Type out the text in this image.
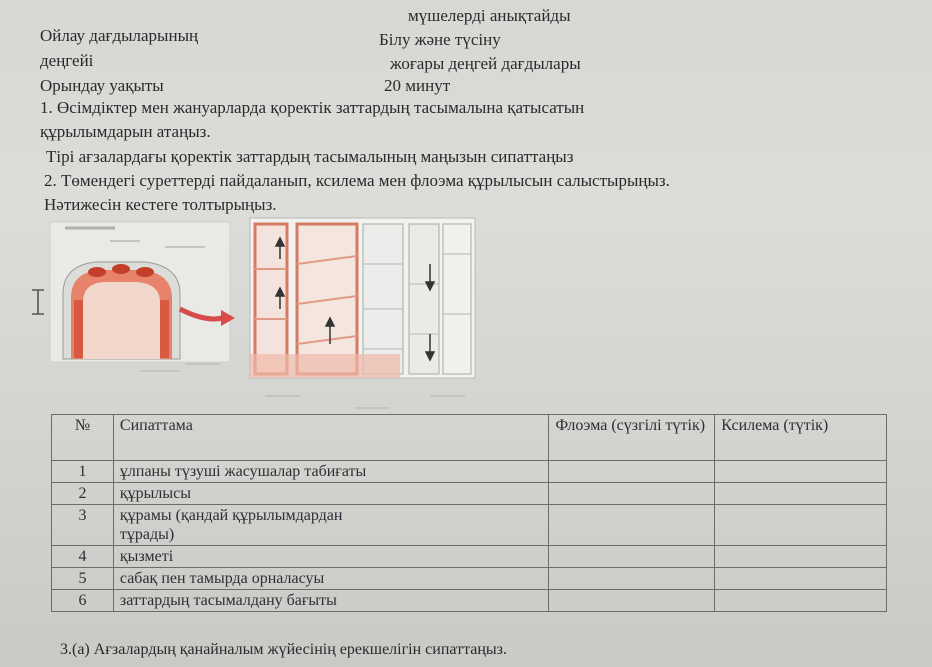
мүшелерді анықтайды
Ойлау дағдыларының	Білу және түсіну
деңгейі	жоғары деңгей дағдылары
Орындау уақыты	20 минут
1. Өсімдіктер мен жануарларда қоректік заттардың тасымалына қатысатын
құрылымдарын атаңыз.
Тірі ағзалардағы қоректік заттардың тасымалының маңызын сипаттаңыз
2. Төмендегі суреттерді пайдаланып, ксилема мен флоэма құрылысын салыстырыңыз.
Нәтижесін кестеге толтырыңыз.
№	Сипаттама	Флоэма (сүзгілі түтік)	Ксилема (түтік)
1	ұлпаны түзуші жасушалар табиғаты		
2	құрылысы		
3	құрамы (қандай құрылымдардан тұрады)		
4	қызметі		
5	сабақ пен тамырда орналасуы		
6	заттардың тасымалдану бағыты		
3.(а) Ағзалардың қанайналым жүйесінің ерекшелігін сипаттаңыз.
